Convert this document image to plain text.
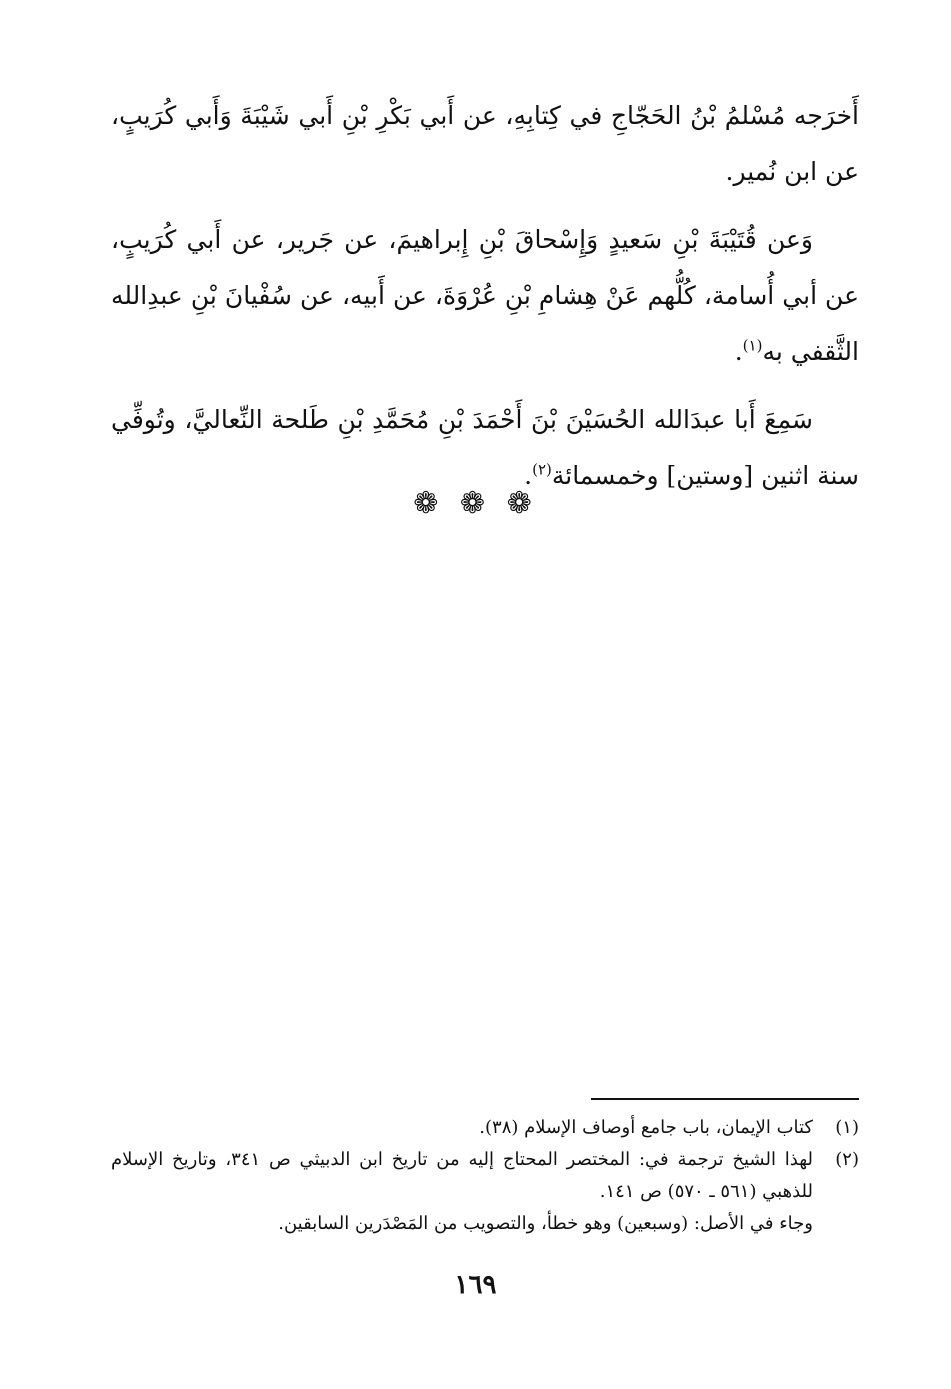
أَخرَجه مُسْلمُ بْنُ الحَجّاجِ في كِتابِهِ، عن أَبي بَكْرِ بْنِ أَبي شَيْبَةَ وَأَبي كُرَيبٍ، عن ابن نُمير.

وَعن قُتَيْبَةَ بْنِ سَعيدٍ وَإِسْحاقَ بْنِ إِبراهيمَ، عن جَرير، عن أَبي كُرَيبٍ، عن أبي أُسامة، كُلُّهم عَنْ هِشامِ بْنِ عُرْوَةَ، عن أَبيه، عن سُفْيانَ بْنِ عبدِالله الثَّقفي به$^{(١)}$.

سَمِعَ أَبا عبدَالله الحُسَيْنَ بْنَ أَحْمَدَ بْنِ مُحَمَّدِ بْنِ طَلحة النِّعاليَّ، وتُوفِّي سنة اثنين [وستين] وخمسمائة$^{(٢)}$.

❁ ❁ ❁
(١)
كتاب الإيمان، باب جامع أوصاف الإسلام (٣٨).
(٢)
لهذا الشيخ ترجمة في: المختصر المحتاج إليه من تاريخ ابن الدبيثي ص ٣٤١، وتاريخ الإسلام للذهبي (٥٦١ ـ ٥٧٠) ص ١٤١.
وجاء في الأصل: (وسبعين) وهو خطأ، والتصويب من المَصْدَرين السابقين.
١٦٩
